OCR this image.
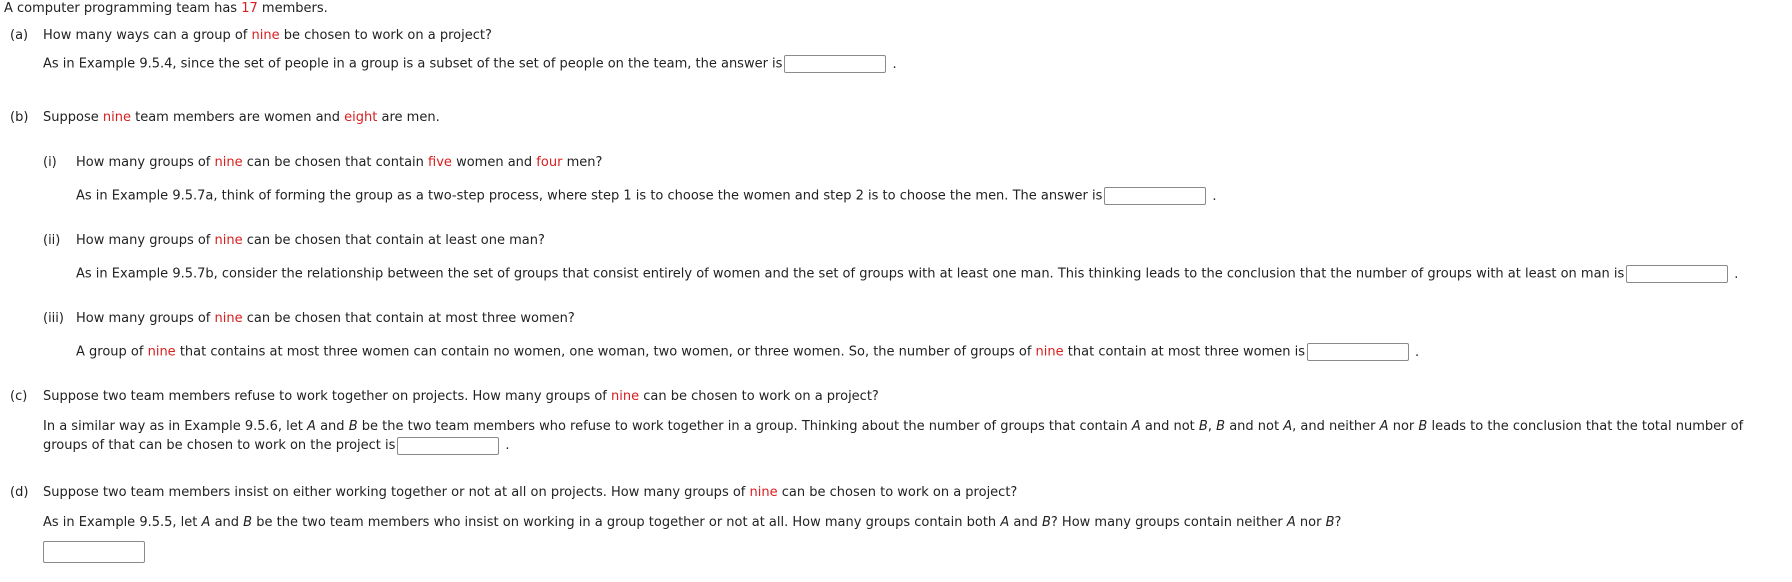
A computer programming team has 17 members.
(a) How many ways can a group of nine be chosen to work on a project?
As in Example 9.5.4, since the set of people in a group is a subset of the set of people on the team, the answer is	.
(b) Suppose nine team members are women and eight are men.
(i) How many groups of nine can be chosen that contain five women and four men?
As in Example 9.5.7a, think of forming the group as a two-step process, where step 1 is to choose the women and step 2 is to choose the men. The answer is	.
(ii) How many groups of nine can be chosen that contain at least one man?
As in Example 9.5.7b, consider the relationship between the set of groups that consist entirely of women and the set of groups with at least one man. This thinking leads to the conclusion that the number of groups with at least on man is	.
(iii) How many groups of nine can be chosen that contain at most three women?
A group of nine that contains at most three women can contain no women, one woman, two women, or three women. So, the number of groups of nine that contain at most three women is	.
(c) Suppose two team members refuse to work together on projects. How many groups of nine can be chosen to work on a project?
In a similar way as in Example 9.5.6, let A and B be the two team members who refuse to work together in a group. Thinking about the number of groups that contain A and not B, B and not A, and neither A nor B leads to the conclusion that the total number of groups of that can be chosen to work on the project is	.
(d) Suppose two team members insist on either working together or not at all on projects. How many groups of nine can be chosen to work on a project?
As in Example 9.5.5, let A and B be the two team members who insist on working in a group together or not at all. How many groups contain both A and B? How many groups contain neither A nor B?
